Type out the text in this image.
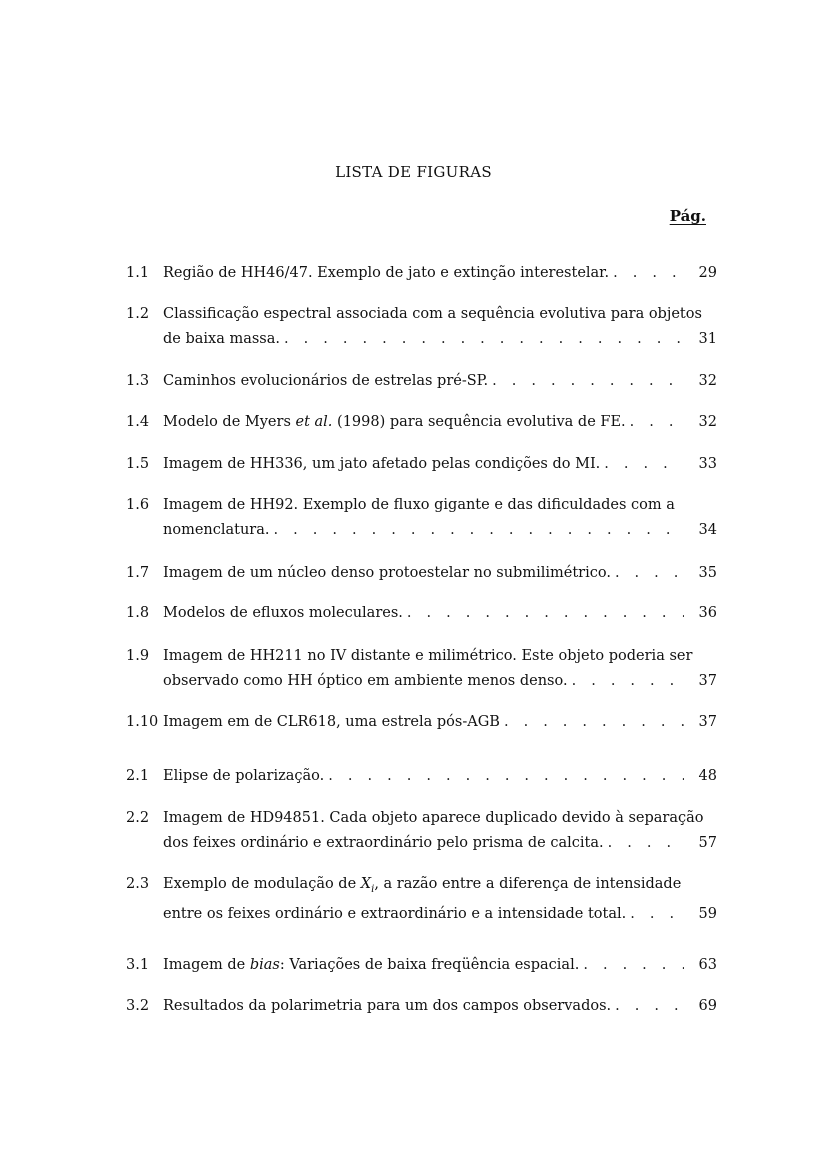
LISTA DE FIGURAS
Pág.
1.1 Região de HH46/47. Exemplo de jato e extinção interestelar. . . .	29
1.2 Classificação espectral associada com a sequência evolutiva para objetos
de baixa massa. . . .	31
1.3 Caminhos evolucionários de estrelas pré-SP. . . .	32
1.4 Modelo de Myers et al. (1998) para sequência evolutiva de FE. . . .	32
1.5 Imagem de HH336, um jato afetado pelas condições do MI. . . .	33
1.6 Imagem de HH92. Exemplo de fluxo gigante e das dificuldades com a
nomenclatura. . . .	34
1.7 Imagem de um núcleo denso protoestelar no submilimétrico. . . .	35
1.8 Modelos de efluxos moleculares. . . .	36
1.9 Imagem de HH211 no IV distante e milimétrico. Este objeto poderia ser
observado como HH óptico em ambiente menos denso. . . .	37
1.10 Imagem em de CLR618, uma estrela pós-AGB . . .	37
2.1 Elipse de polarização. . . .	48
2.2 Imagem de HD94851. Cada objeto aparece duplicado devido à separação
dos feixes ordinário e extraordinário pelo prisma de calcita. . . .	57
2.3 Exemplo de modulação de $X_i$, a razão entre a diferença de intensidade
entre os feixes ordinário e extraordinário e a intensidade total. . . .	59
3.1 Imagem de bias: Variações de baixa freqüência espacial. . . .	63
3.2 Resultados da polarimetria para um dos campos observados. . . .	69
